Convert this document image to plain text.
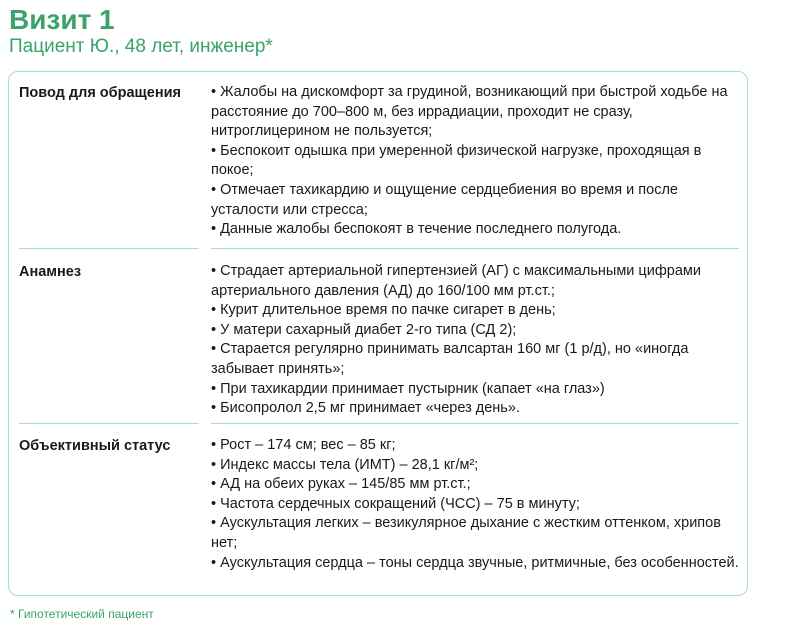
Визит 1
Пациент Ю., 48 лет, инженер*
Повод для обращения	• Жалобы на дискомфорт за грудиной, возникающий при быстрой ходьбе на расстояние до 700–800 м, без иррадиации, проходит не сразу, нитроглицерином не пользуется;
• Беспокоит одышка при умеренной физической нагрузке, проходящая в покое;
• Отмечает тахикардию и ощущение сердцебиения во время и после усталости или стресса;
• Данные жалобы беспокоят в течение последнего полугода.
Анамнез	• Страдает артериальной гипертензией (АГ) с максимальными цифрами артериального давления (АД) до 160/100 мм рт.ст.;
• Курит длительное время по пачке сигарет в день;
• У матери сахарный диабет 2-го типа (СД 2);
• Старается регулярно принимать валсартан 160 мг (1 р/д), но «иногда забывает принять»;
• При тахикардии принимает пустырник (капает «на глаз»)
• Бисопролол 2,5 мг принимает «через день».
Объективный статус	• Рост – 174 см; вес – 85 кг;
• Индекс массы тела (ИМТ) – 28,1 кг/м²;
• АД на обеих руках – 145/85 мм рт.ст.;
• Частота сердечных сокращений (ЧСС) – 75 в минуту;
• Аускультация легких – везикулярное дыхание с жестким оттенком, хрипов нет;
• Аускультация сердца – тоны сердца звучные, ритмичные, без особенностей.
* Гипотетический пациент
